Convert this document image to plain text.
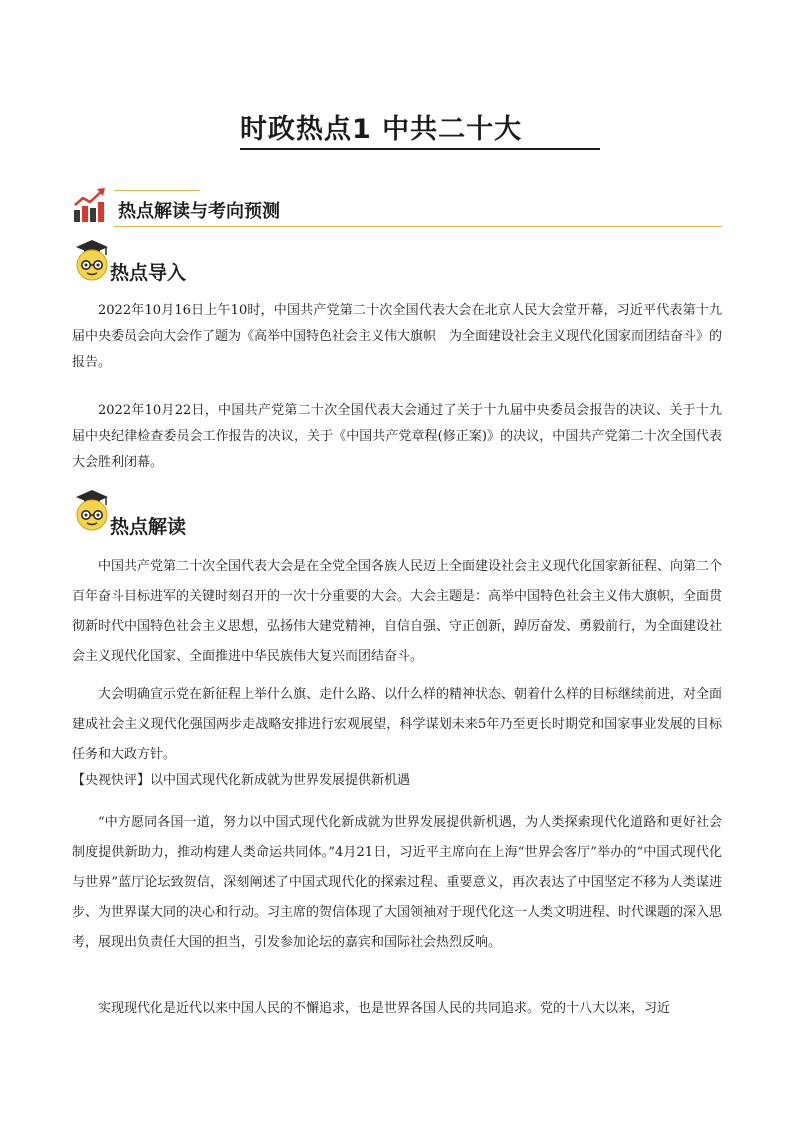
时政热点1 中共二十大
热点解读与考向预测
热点导入

2022年10月16日上午10时，中国共产党第二十次全国代表大会在北京人民大会堂开幕，习近平代表第十九届中央委员会向大会作了题为《高举中国特色社会主义伟大旗帜　为全面建设社会主义现代化国家而团结奋斗》的报告。

2022年10月22日，中国共产党第二十次全国代表大会通过了关于十九届中央委员会报告的决议、关于十九届中央纪律检查委员会工作报告的决议，关于《中国共产党章程(修正案)》的决议，中国共产党第二十次全国代表大会胜利闭幕。

热点解读

中国共产党第二十次全国代表大会是在全党全国各族人民迈上全面建设社会主义现代化国家新征程、向第二个百年奋斗目标进军的关键时刻召开的一次十分重要的大会。大会主题是：高举中国特色社会主义伟大旗帜，全面贯彻新时代中国特色社会主义思想，弘扬伟大建党精神，自信自强、守正创新，踔厉奋发、勇毅前行，为全面建设社会主义现代化国家、全面推进中华民族伟大复兴而团结奋斗。

大会明确宣示党在新征程上举什么旗、走什么路、以什么样的精神状态、朝着什么样的目标继续前进，对全面建成社会主义现代化强国两步走战略安排进行宏观展望，科学谋划未来5年乃至更长时期党和国家事业发展的目标任务和大政方针。

【央视快评】以中国式现代化新成就为世界发展提供新机遇

“中方愿同各国一道，努力以中国式现代化新成就为世界发展提供新机遇，为人类探索现代化道路和更好社会制度提供新助力，推动构建人类命运共同体。”4月21日，习近平主席向在上海“世界会客厅”举办的“中国式现代化与世界”蓝厅论坛致贺信，深刻阐述了中国式现代化的探索过程、重要意义，再次表达了中国坚定不移为人类谋进步、为世界谋大同的决心和行动。习主席的贺信体现了大国领袖对于现代化这一人类文明进程、时代课题的深入思考，展现出负责任大国的担当，引发参加论坛的嘉宾和国际社会热烈反响。

实现现代化是近代以来中国人民的不懈追求，也是世界各国人民的共同追求。党的十八大以来，习近
